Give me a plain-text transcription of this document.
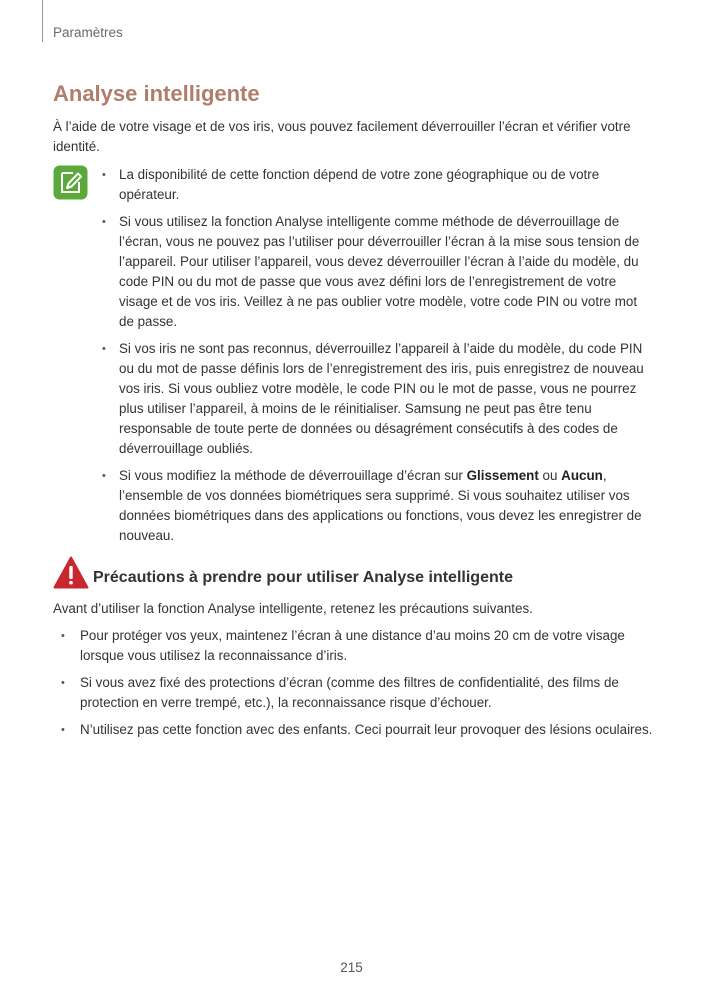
Paramètres
Analyse intelligente

À l’aide de votre visage et de vos iris, vous pouvez facilement déverrouiller l’écran et vérifier votre identité.

• La disponibilité de cette fonction dépend de votre zone géographique ou de votre opérateur.
• Si vous utilisez la fonction Analyse intelligente comme méthode de déverrouillage de l’écran, vous ne pouvez pas l’utiliser pour déverrouiller l’écran à la mise sous tension de l’appareil. Pour utiliser l’appareil, vous devez déverrouiller l’écran à l’aide du modèle, du code PIN ou du mot de passe que vous avez défini lors de l’enregistrement de votre visage et de vos iris. Veillez à ne pas oublier votre modèle, votre code PIN ou votre mot de passe.
• Si vos iris ne sont pas reconnus, déverrouillez l’appareil à l’aide du modèle, du code PIN ou du mot de passe définis lors de l’enregistrement des iris, puis enregistrez de nouveau vos iris. Si vous oubliez votre modèle, le code PIN ou le mot de passe, vous ne pourrez plus utiliser l’appareil, à moins de le réinitialiser. Samsung ne peut pas être tenu responsable de toute perte de données ou désagrément consécutifs à des codes de déverrouillage oubliés.
• Si vous modifiez la méthode de déverrouillage d’écran sur Glissement ou Aucun, l’ensemble de vos données biométriques sera supprimé. Si vous souhaitez utiliser vos données biométriques dans des applications ou fonctions, vous devez les enregistrer de nouveau.
Précautions à prendre pour utiliser Analyse intelligente

Avant d’utiliser la fonction Analyse intelligente, retenez les précautions suivantes.

• Pour protéger vos yeux, maintenez l’écran à une distance d’au moins 20 cm de votre visage lorsque vous utilisez la reconnaissance d’iris.
• Si vous avez fixé des protections d’écran (comme des filtres de confidentialité, des films de protection en verre trempé, etc.), la reconnaissance risque d’échouer.
• N’utilisez pas cette fonction avec des enfants. Ceci pourrait leur provoquer des lésions oculaires.
215
